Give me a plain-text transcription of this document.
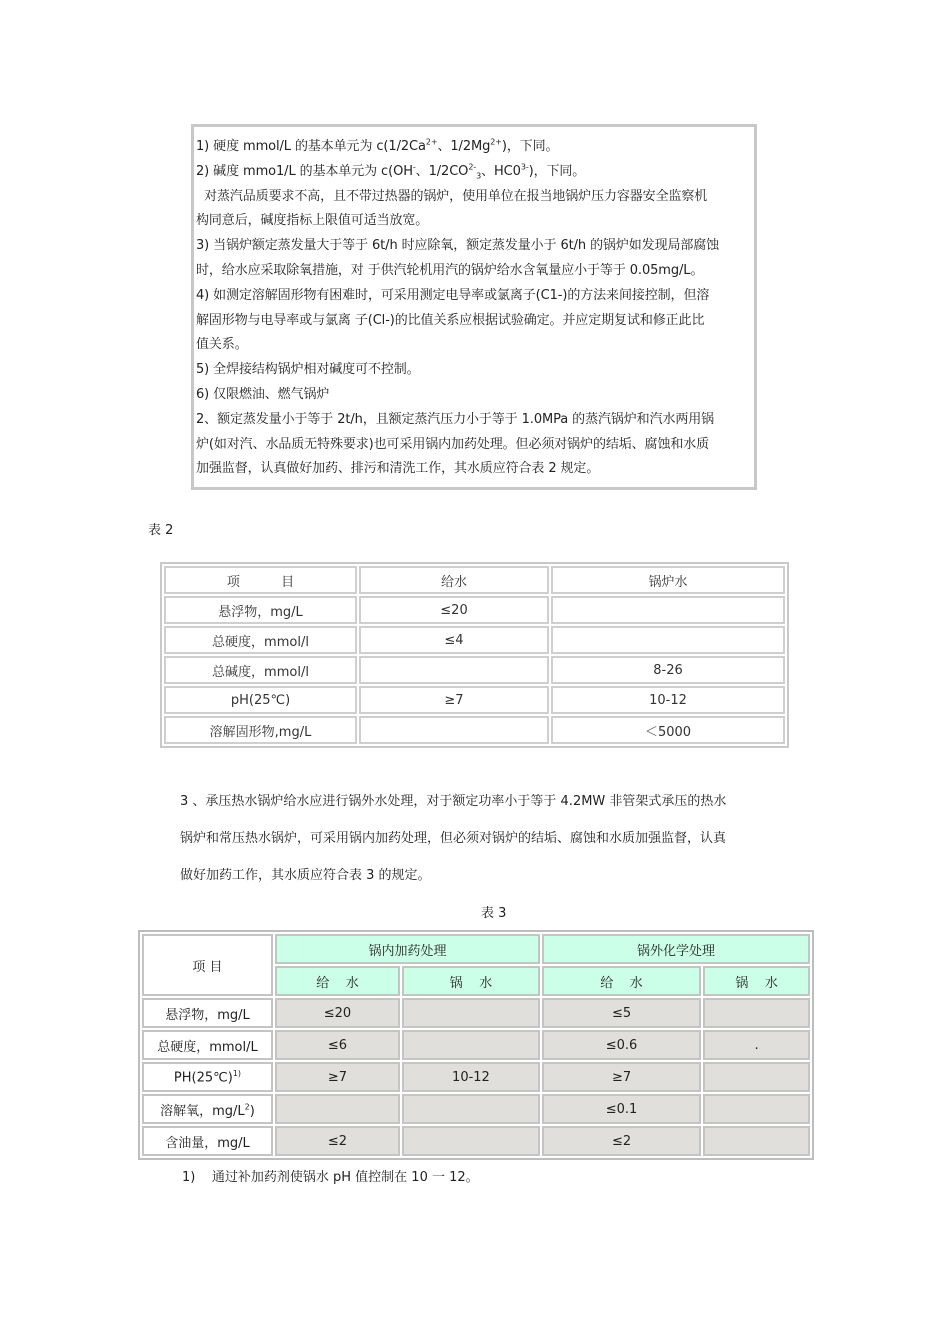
1) 硬度 mmol/L 的基本单元为 $c(1/2Ca^{2+}$、$1/2Mg^{2+}$)，下同。

2) 碱度 mmo1/L 的基本单元为 c(OH-、$1/2CO^{2-}_3$、$HC0^{3-}$)，下同。

对蒸汽品质要求不高，且不带过热器的锅炉，使用单位在报当地锅炉压力容器安全监察机

构同意后，碱度指标上限值可适当放宽。

3) 当锅炉额定蒸发量大于等于 6t/h 时应除氧，额定蒸发量小于 6t/h 的锅炉如发现局部腐蚀

时，给水应采取除氧措施，对 于供汽轮机用汽的锅炉给水含氧量应小于等于 0.05mg/L。

4) 如测定溶解固形物有困难时，可采用测定电导率或氯离子(C1-)的方法来间接控制，但溶

解固形物与电导率或与氯离 子(Cl-)的比值关系应根据试验确定。并应定期复试和修正此比

值关系。

5) 全焊接结构锅炉相对碱度可不控制。

6) 仅限燃油、燃气锅炉

2、额定蒸发量小于等于 2t/h，且额定蒸汽压力小于等于 1.0MPa 的蒸汽锅炉和汽水两用锅

炉(如对汽、水品质无特殊要求)也可采用锅内加药处理。但必须对锅炉的结垢、腐蚀和水质

加强监督，认真做好加药、排污和清洗工作，其水质应符合表 2 规定。

表 2
项          目	给水	锅炉水
悬浮物，mg/L	≤20	
总硬度，mmol/l	≤4	
总碱度，mmol/l		8-26
pH(25℃)	≥7	10-12
溶解固形物,mg/L		＜5000
3 、承压热水锅炉给水应进行锅外水处理，对于额定功率小于等于 4.2MW 非管架式承压的热水
锅炉和常压热水锅炉，可采用锅内加药处理，但必须对锅炉的结垢、腐蚀和水质加强监督，认真
做好加药工作，其水质应符合表 3 的规定。
表 3
项 目	锅内加药处理		锅外化学处理	
	给    水	锅    水	给    水	锅    水
悬浮物，mg/L	≤20		≤5	
总硬度，mmol/L	≤6		≤0.6	.
PH(25℃)$^{1)}$	≥7	10-12	≥7	
溶解氧，$mg/L^2$)			≤0.1	
含油量，mg/L	≤2		≤2	
1)    通过补加药剂使锅水 pH 值控制在 10 一 12。
